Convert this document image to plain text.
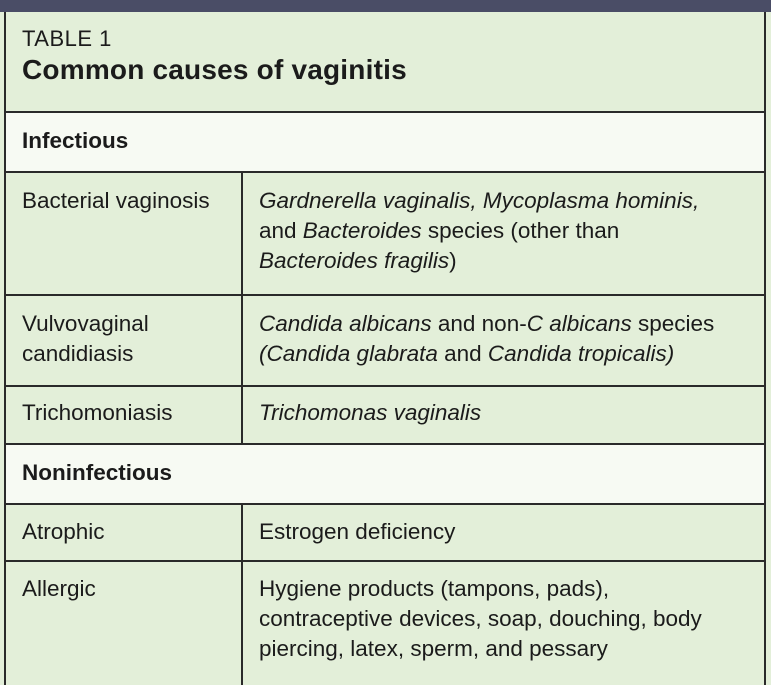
TABLE 1
Common causes of vaginitis
Infectious
Noninfectious
Bacterial vaginosis
Vulvovaginal
candidiasis
Trichomoniasis
Atrophic
Allergic
Gardnerella vaginalis, Mycoplasma hominis,
and Bacteroides species (other than
Bacteroides fragilis)
Candida albicans and non-C albicans species
(Candida glabrata and Candida tropicalis)
Trichomonas vaginalis
Estrogen deficiency
Hygiene products (tampons, pads),
contraceptive devices, soap, douching, body
piercing, latex, sperm, and pessary
